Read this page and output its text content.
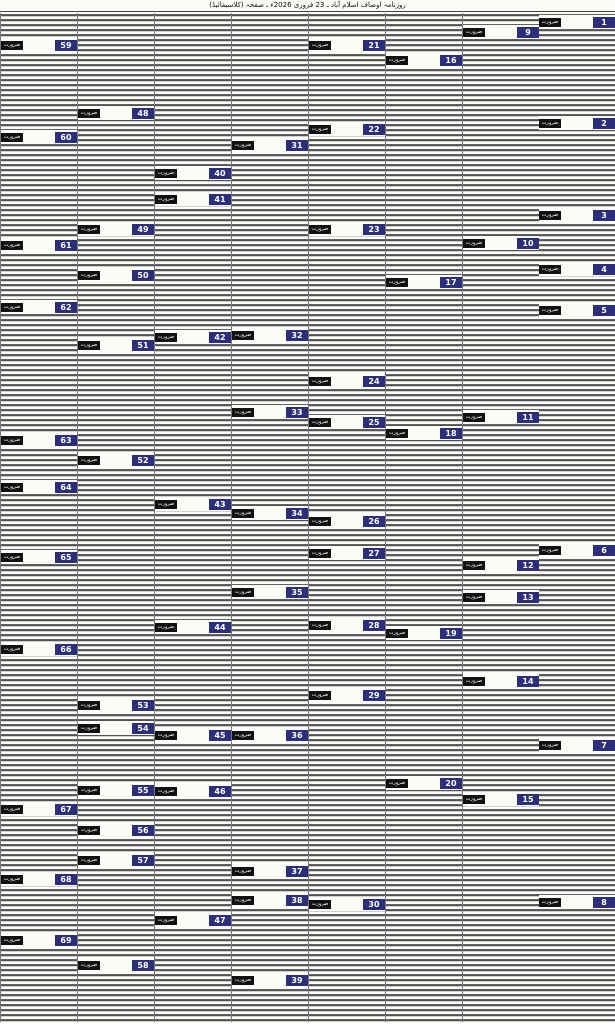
روزنامہ اوصاف اسلام آباد ـ 23 فروری 2026ء ـ صفحہ (کلاسیفائیڈ)
59
ضرورت
60
ضرورت
61
ضرورت
62
ضرورت
63
ضرورت
64
ضرورت
65
ضرورت
66
ضرورت
67
ضرورت
68
ضرورت
69
ضرورت
48
ضرورت
49
ضرورت
50
ضرورت
51
ضرورت
52
ضرورت
53
ضرورت
54
ضرورت
55
ضرورت
56
ضرورت
57
ضرورت
58
ضرورت
40
ضرورت
41
ضرورت
42
ضرورت
43
ضرورت
44
ضرورت
45
ضرورت
46
ضرورت
47
ضرورت
31
ضرورت
32
ضرورت
33
ضرورت
34
ضرورت
35
ضرورت
36
ضرورت
37
ضرورت
38
ضرورت
39
ضرورت
21
ضرورت
22
ضرورت
23
ضرورت
24
ضرورت
25
ضرورت
26
ضرورت
27
ضرورت
28
ضرورت
29
ضرورت
30
ضرورت
16
ضرورت
17
ضرورت
18
ضرورت
19
ضرورت
20
ضرورت
9
ضرورت
10
ضرورت
11
ضرورت
12
ضرورت
13
ضرورت
14
ضرورت
15
ضرورت
1
ضرورت
2
ضرورت
3
ضرورت
4
ضرورت
5
ضرورت
6
ضرورت
7
ضرورت
8
ضرورت
